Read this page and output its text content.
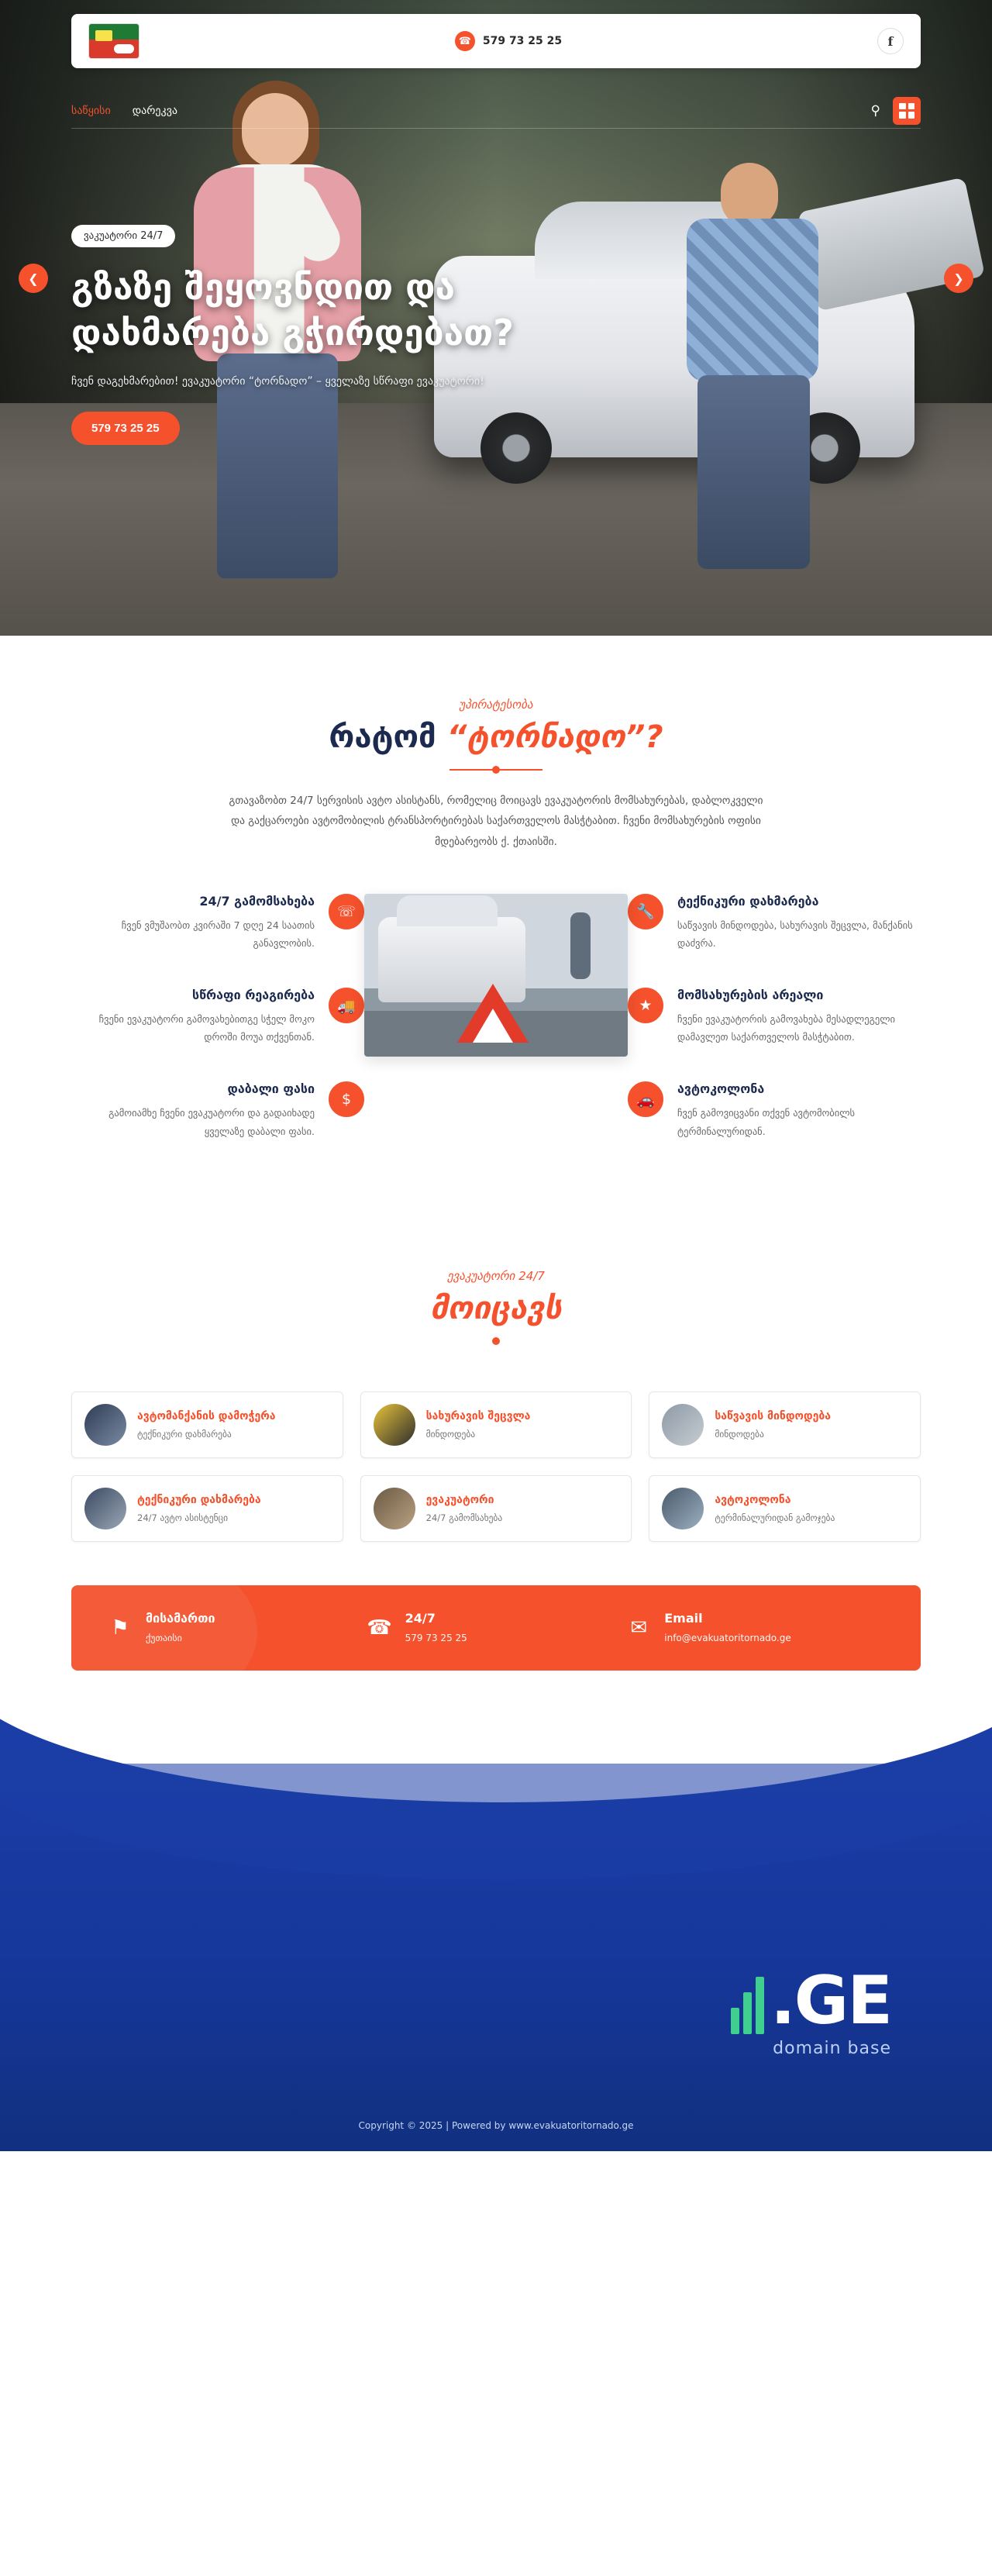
☎	579 73 25 25	f
საწყისი დარეკვა	⚲
ვაკუატორი 24/7
გზაზე შეყოვნდით და დახმარება გჭირდებათ?

ჩვენ დაგეხმარებით! ევაკუატორი “ტორნადო” – ყველაზე სწრაფი ევაკუატორი!

579 73 25 25
❮	❯
უპირატესობა
რატომ “ტორნადო”?

გთავაზობთ 24/7 სერვისის ავტო ასისტანს, რომელიც მოიცავს ევაკუატორის მომსახურებას, დაბლოკველი და გაქცაროები ავტომობილის ტრანსპორტირებას საქართველოს მასჭტაბით. ჩვენი მომსახურების ოფისი მდებარეობს ქ. ქთაისში.

24/7 გამომსახება

ჩვენ ვმუშაობთ კვირაში 7 დღე 24 საათის განავლობის.

☏
სწრაფი რეაგირება

ჩვენი ევაკუატორი გამოვახებითგე სჭელ მოკო დროში მოუა თქვენთან.

🚚
დაბალი ფასი

გამოიამხე ჩვენი ევაკუატორი და გადაიხადე ყველაზე დაბალი ფასი.

$
🔧
ტექნიკური დახმარება

საწვავის მინდოდება, სახურავის შეცვლა, მანქანის დაძვრა.

★
მომსახურების არეალი

ჩვენი ევაკუატორის გამოვახება მესადლეგელი დამავლეთ საქართველოს მასჭტაბით.

🚗
ავტოკოლონა

ჩვენ გამოვიცვანი თქვენ ავტომობილს ტერმინალურიდან.

ევაკუატორი 24/7
მოიცავს
ავტომანქანის დამოჭერა

ტექნიკური დახმარება

სახურავის შეცვლა

მინდოდება

საწვავის მინდოდება

მინდოდება

ტექნიკური დახმარება

24/7 ავტო ასისტენცი

ევაკუატორი

24/7 გამომსახება

ავტოკოლონა

ტერმინალურიდან გამოჯება

⚑	მისამართი
ქუთაისი	☎ 24/7
579 73 25 25	✉	Email
info@evakuatoritornado.ge
.GE
domain base
Copyright © 2025 | Powered by www.evakuatoritornado.ge
